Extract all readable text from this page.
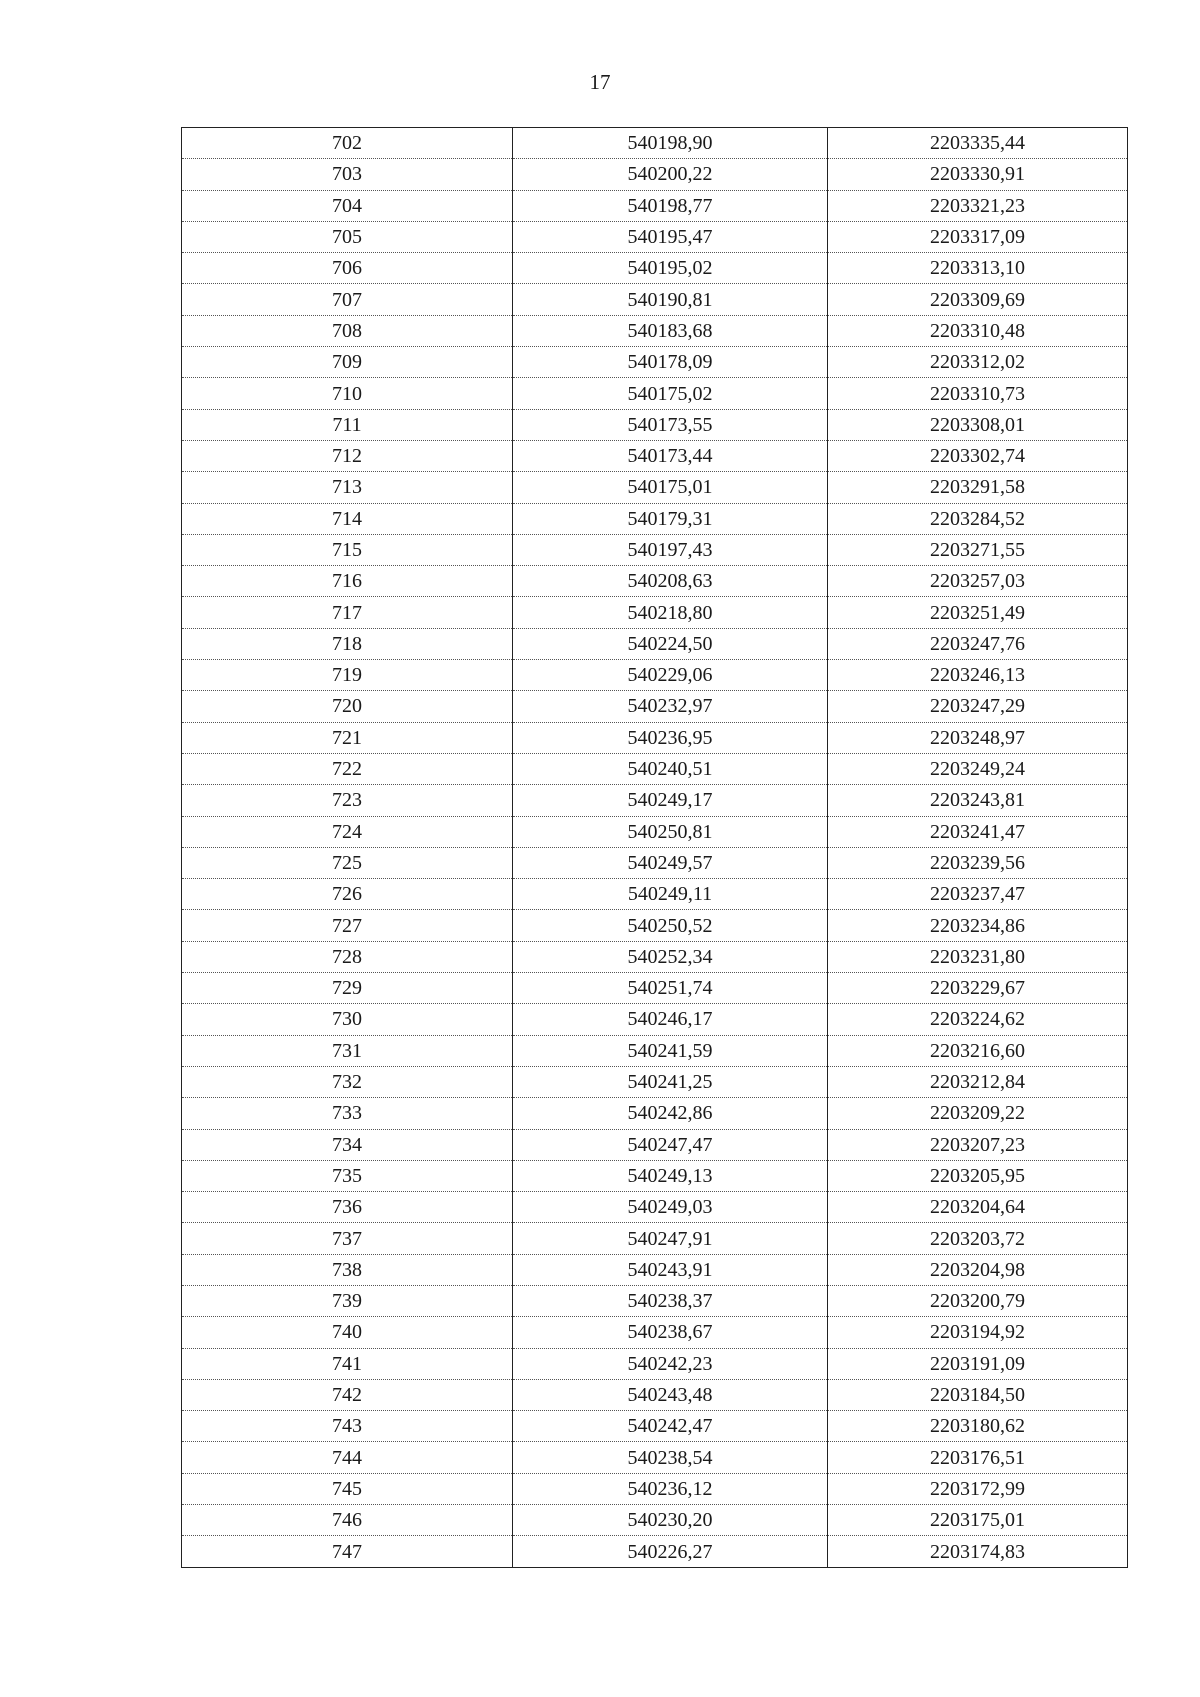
17
702	540198,90	2203335,44
703	540200,22	2203330,91
704	540198,77	2203321,23
705	540195,47	2203317,09
706	540195,02	2203313,10
707	540190,81	2203309,69
708	540183,68	2203310,48
709	540178,09	2203312,02
710	540175,02	2203310,73
711	540173,55	2203308,01
712	540173,44	2203302,74
713	540175,01	2203291,58
714	540179,31	2203284,52
715	540197,43	2203271,55
716	540208,63	2203257,03
717	540218,80	2203251,49
718	540224,50	2203247,76
719	540229,06	2203246,13
720	540232,97	2203247,29
721	540236,95	2203248,97
722	540240,51	2203249,24
723	540249,17	2203243,81
724	540250,81	2203241,47
725	540249,57	2203239,56
726	540249,11	2203237,47
727	540250,52	2203234,86
728	540252,34	2203231,80
729	540251,74	2203229,67
730	540246,17	2203224,62
731	540241,59	2203216,60
732	540241,25	2203212,84
733	540242,86	2203209,22
734	540247,47	2203207,23
735	540249,13	2203205,95
736	540249,03	2203204,64
737	540247,91	2203203,72
738	540243,91	2203204,98
739	540238,37	2203200,79
740	540238,67	2203194,92
741	540242,23	2203191,09
742	540243,48	2203184,50
743	540242,47	2203180,62
744	540238,54	2203176,51
745	540236,12	2203172,99
746	540230,20	2203175,01
747	540226,27	2203174,83
